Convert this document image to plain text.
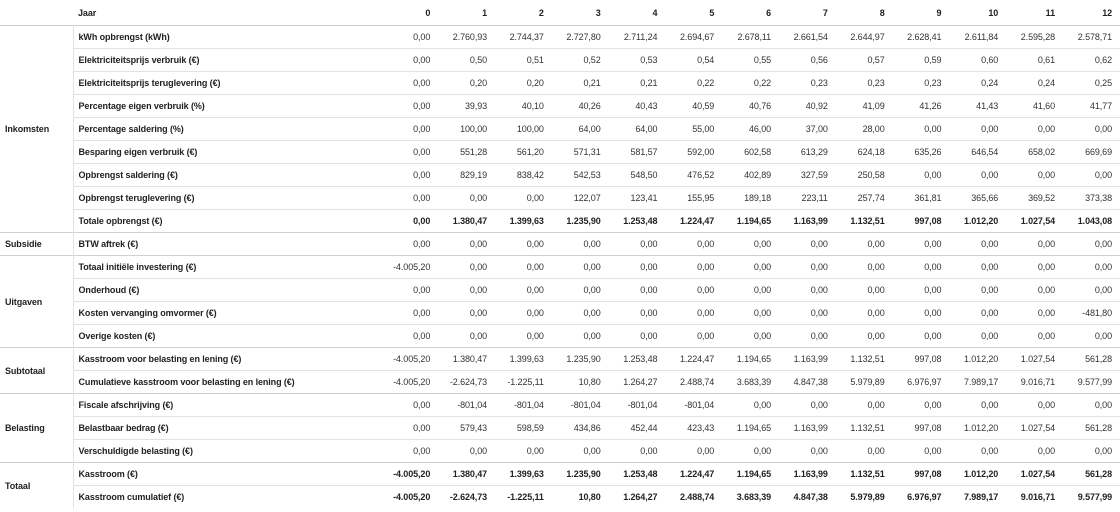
	Jaar	0	1	2	3	4	5	6	7	8	9	10	11	12
Inkomsten	kWh opbrengst (kWh)	0,00	2.760,93	2.744,37	2.727,80	2.711,24	2.694,67	2.678,11	2.661,54	2.644,97	2.628,41	2.611,84	2.595,28	2.578,71
	Elektriciteitsprijs verbruik (€)	0,00	0,50	0,51	0,52	0,53	0,54	0,55	0,56	0,57	0,59	0,60	0,61	0,62
	Elektriciteitsprijs teruglevering (€)	0,00	0,20	0,20	0,21	0,21	0,22	0,22	0,23	0,23	0,23	0,24	0,24	0,25
	Percentage eigen verbruik (%)	0,00	39,93	40,10	40,26	40,43	40,59	40,76	40,92	41,09	41,26	41,43	41,60	41,77
	Percentage saldering (%)	0,00	100,00	100,00	64,00	64,00	55,00	46,00	37,00	28,00	0,00	0,00	0,00	0,00
	Besparing eigen verbruik (€)	0,00	551,28	561,20	571,31	581,57	592,00	602,58	613,29	624,18	635,26	646,54	658,02	669,69
	Opbrengst saldering (€)	0,00	829,19	838,42	542,53	548,50	476,52	402,89	327,59	250,58	0,00	0,00	0,00	0,00
	Opbrengst teruglevering (€)	0,00	0,00	0,00	122,07	123,41	155,95	189,18	223,11	257,74	361,81	365,66	369,52	373,38
	Totale opbrengst (€)	0,00	1.380,47	1.399,63	1.235,90	1.253,48	1.224,47	1.194,65	1.163,99	1.132,51	997,08	1.012,20	1.027,54	1.043,08
Subsidie	BTW aftrek (€)	0,00	0,00	0,00	0,00	0,00	0,00	0,00	0,00	0,00	0,00	0,00	0,00	0,00
Uitgaven	Totaal initiële investering (€)	-4.005,20	0,00	0,00	0,00	0,00	0,00	0,00	0,00	0,00	0,00	0,00	0,00	0,00
	Onderhoud (€)	0,00	0,00	0,00	0,00	0,00	0,00	0,00	0,00	0,00	0,00	0,00	0,00	0,00
	Kosten vervanging omvormer (€)	0,00	0,00	0,00	0,00	0,00	0,00	0,00	0,00	0,00	0,00	0,00	0,00	-481,80
	Overige kosten (€)	0,00	0,00	0,00	0,00	0,00	0,00	0,00	0,00	0,00	0,00	0,00	0,00	0,00
Subtotaal	Kasstroom voor belasting en lening (€)	-4.005,20	1.380,47	1.399,63	1.235,90	1.253,48	1.224,47	1.194,65	1.163,99	1.132,51	997,08	1.012,20	1.027,54	561,28
	Cumulatieve kasstroom voor belasting en lening (€)	-4.005,20	-2.624,73	-1.225,11	10,80	1.264,27	2.488,74	3.683,39	4.847,38	5.979,89	6.976,97	7.989,17	9.016,71	9.577,99
Belasting	Fiscale afschrijving (€)	0,00	-801,04	-801,04	-801,04	-801,04	-801,04	0,00	0,00	0,00	0,00	0,00	0,00	0,00
	Belastbaar bedrag (€)	0,00	579,43	598,59	434,86	452,44	423,43	1.194,65	1.163,99	1.132,51	997,08	1.012,20	1.027,54	561,28
	Verschuldigde belasting (€)	0,00	0,00	0,00	0,00	0,00	0,00	0,00	0,00	0,00	0,00	0,00	0,00	0,00
Totaal	Kasstroom (€)	-4.005,20	1.380,47	1.399,63	1.235,90	1.253,48	1.224,47	1.194,65	1.163,99	1.132,51	997,08	1.012,20	1.027,54	561,28
	Kasstroom cumulatief (€)	-4.005,20	-2.624,73	-1.225,11	10,80	1.264,27	2.488,74	3.683,39	4.847,38	5.979,89	6.976,97	7.989,17	9.016,71	9.577,99
